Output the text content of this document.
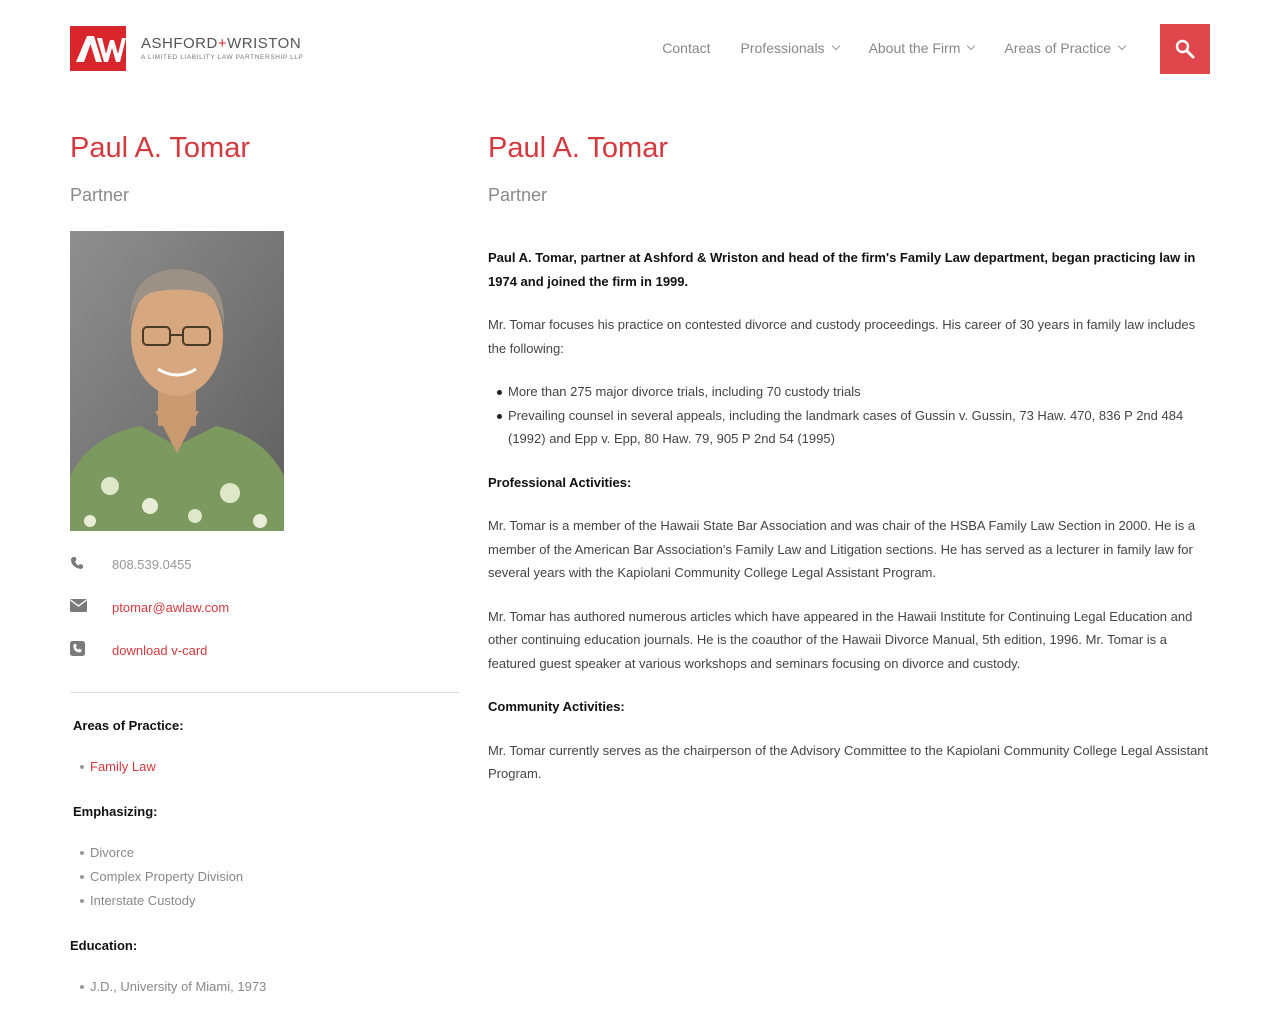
ASHFORD+WRISTON
A LIMITED LIABILITY LAW PARTNERSHIP LLP
Contact Professionals	About the Firm	Areas of Practice
Paul A. Tomar
Partner
808.539.0455
ptomar@awlaw.com
download v-card
Areas of Practice:
Family Law
Emphasizing:
Divorce
Complex Property Division
Interstate Custody
Education:
J.D., University of Miami, 1973
Paul A. Tomar
Partner

Paul A. Tomar, partner at Ashford & Wriston and head of the firm's Family Law department, began practicing law in 1974 and joined the firm in 1999.

Mr. Tomar focuses his practice on contested divorce and custody proceedings. His career of 30 years in family law includes the following:

More than 275 major divorce trials, including 70 custody trials
Prevailing counsel in several appeals, including the landmark cases of Gussin v. Gussin, 73 Haw. 470, 836 P 2nd 484 (1992) and Epp v. Epp, 80 Haw. 79, 905 P 2nd 54 (1995)

Professional Activities:

Mr. Tomar is a member of the Hawaii State Bar Association and was chair of the HSBA Family Law Section in 2000. He is a member of the American Bar Association's Family Law and Litigation sections. He has served as a lecturer in family law for several years with the Kapiolani Community College Legal Assistant Program.

Mr. Tomar has authored numerous articles which have appeared in the Hawaii Institute for Continuing Legal Education and other continuing education journals. He is the coauthor of the Hawaii Divorce Manual, 5th edition, 1996. Mr. Tomar is a featured guest speaker at various workshops and seminars focusing on divorce and custody.

Community Activities:

Mr. Tomar currently serves as the chairperson of the Advisory Committee to the Kapiolani Community College Legal Assistant Program.
